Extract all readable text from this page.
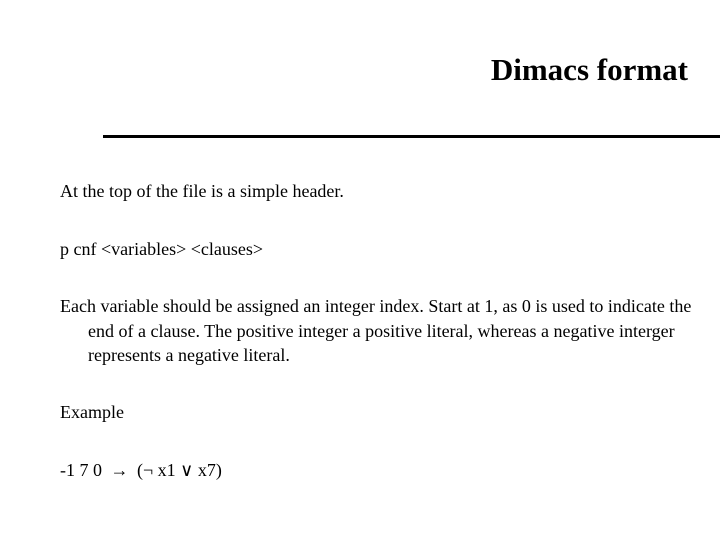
Dimacs format
At the top of the file is a simple header.
p cnf <variables> <clauses>
Each variable should be assigned an integer index. Start at 1, as 0 is used to indicate the end of a clause. The positive integer a positive literal, whereas a negative interger represents a negative literal.
Example
-1 7 0 → (¬ x1 ∨ x7)
